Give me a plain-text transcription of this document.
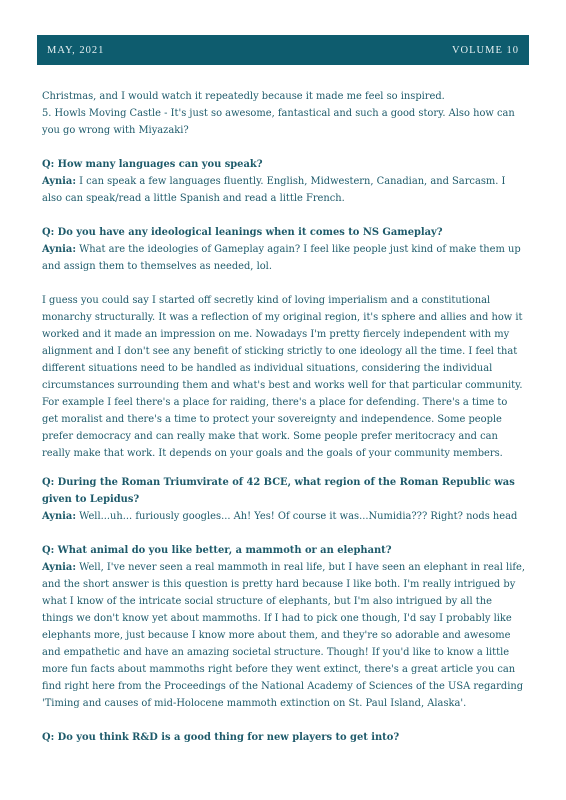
MAY, 2021	VOLUME 10

Christmas, and I would watch it repeatedly because it made me feel so inspired.

5. Howls Moving Castle - It's just so awesome, fantastical and such a good story. Also how can you go wrong with Miyazaki?

Q: How many languages can you speak?

Aynia: I can speak a few languages fluently. English, Midwestern, Canadian, and Sarcasm. I also can speak/read a little Spanish and read a little French.

Q: Do you have any ideological leanings when it comes to NS Gameplay?

Aynia: What are the ideologies of Gameplay again? I feel like people just kind of make them up and assign them to themselves as needed, lol.

I guess you could say I started off secretly kind of loving imperialism and a constitutional monarchy structurally. It was a reflection of my original region, it's sphere and allies and how it worked and it made an impression on me. Nowadays I'm pretty fiercely independent with my alignment and I don't see any benefit of sticking strictly to one ideology all the time. I feel that different situations need to be handled as individual situations, considering the individual circumstances surrounding them and what's best and works well for that particular community. For example I feel there's a place for raiding, there's a place for defending. There's a time to get moralist and there's a time to protect your sovereignty and independence. Some people prefer democracy and can really make that work. Some people prefer meritocracy and can really make that work. It depends on your goals and the goals of your community members.

Q: During the Roman Triumvirate of 42 BCE, what region of the Roman Republic was given to Lepidus?

Aynia: Well...uh... furiously googles... Ah! Yes! Of course it was...Numidia??? Right? nods head

Q: What animal do you like better, a mammoth or an elephant?

Aynia: Well, I've never seen a real mammoth in real life, but I have seen an elephant in real life, and the short answer is this question is pretty hard because I like both. I'm really intrigued by what I know of the intricate social structure of elephants, but I'm also intrigued by all the things we don't know yet about mammoths. If I had to pick one though, I'd say I probably like elephants more, just because I know more about them, and they're so adorable and awesome and empathetic and have an amazing societal structure. Though! If you'd like to know a little more fun facts about mammoths right before they went extinct, there's a great article you can find right here from the Proceedings of the National Academy of Sciences of the USA regarding 'Timing and causes of mid-Holocene mammoth extinction on St. Paul Island, Alaska'.

Q: Do you think R&D is a good thing for new players to get into?
